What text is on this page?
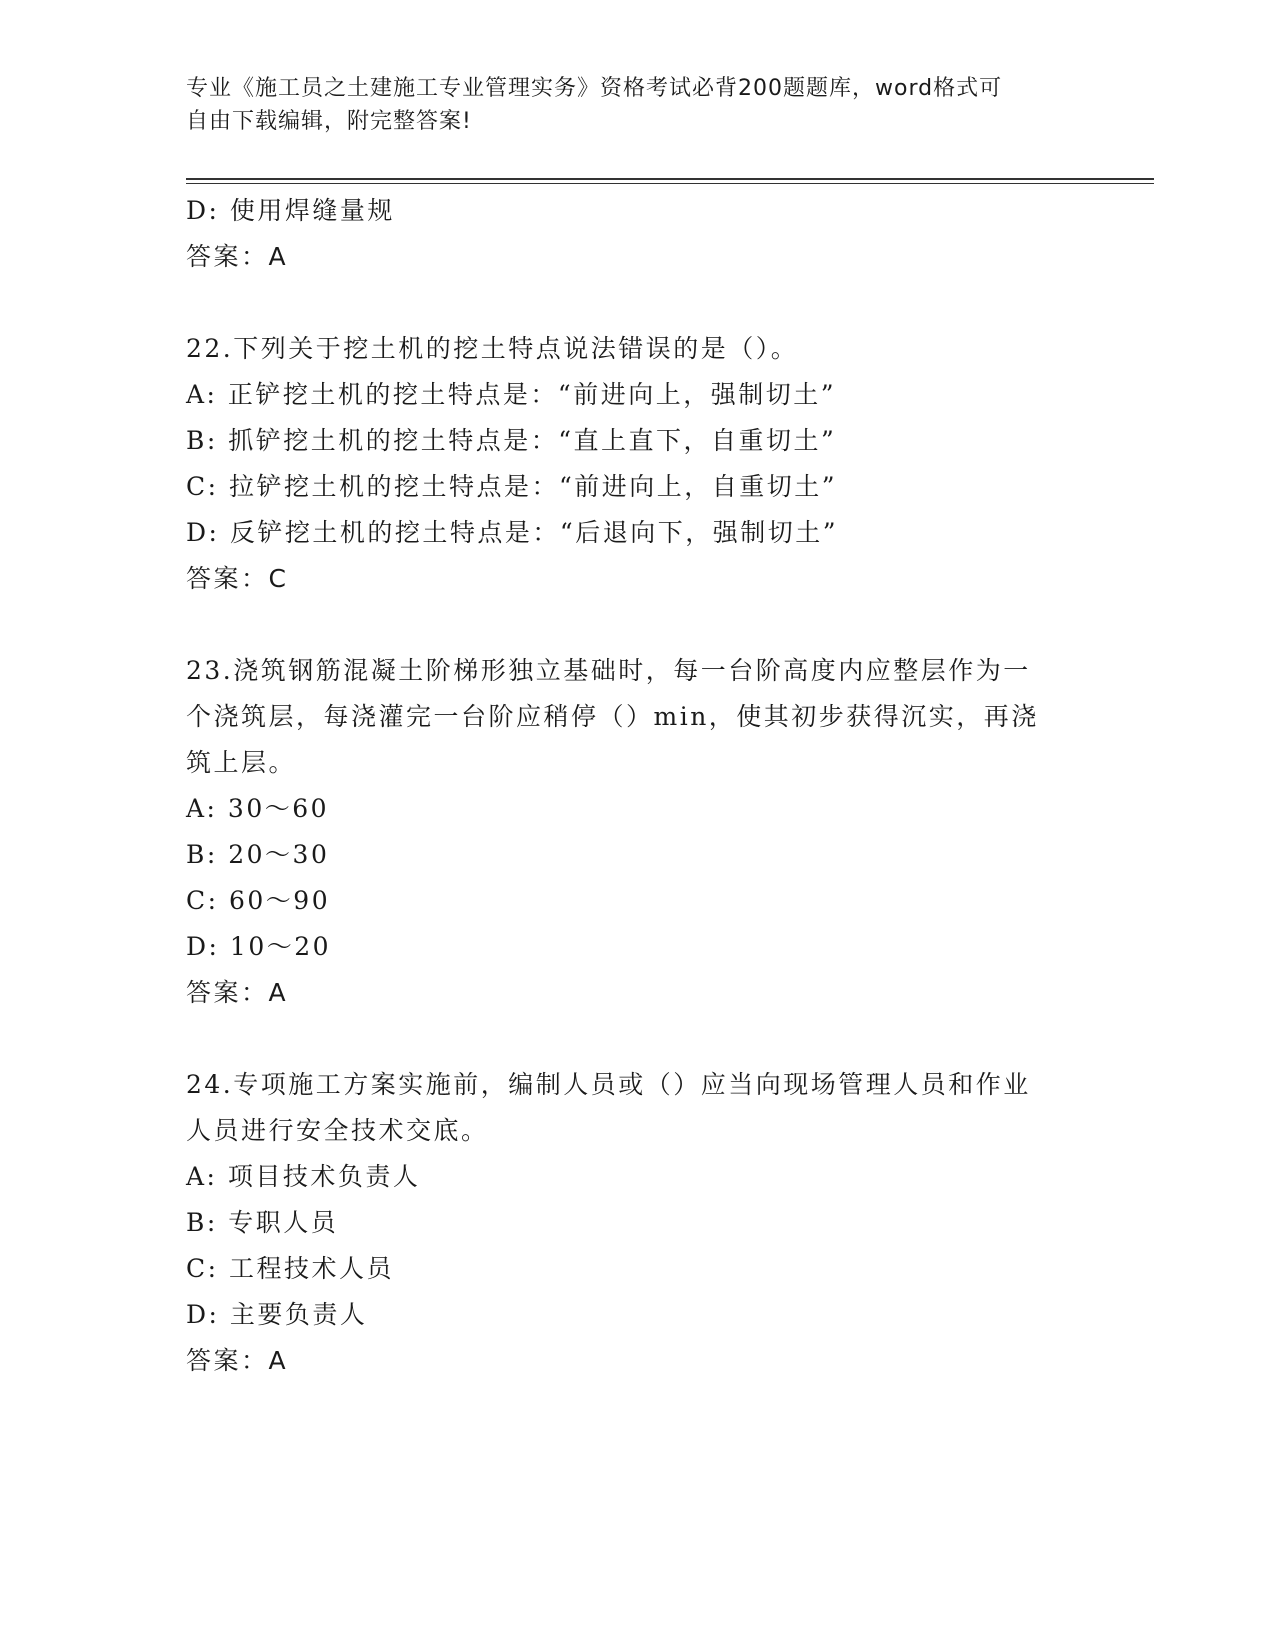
专业《施工员之土建施工专业管理实务》资格考试必背200题题库，word格式可
自由下载编辑，附完整答案!
D: 使用焊缝量规
答案：A
22.下列关于挖土机的挖土特点说法错误的是（）。
A: 正铲挖土机的挖土特点是：“前进向上，强制切土”
B: 抓铲挖土机的挖土特点是：“直上直下，自重切土”
C: 拉铲挖土机的挖土特点是：“前进向上，自重切土”
D: 反铲挖土机的挖土特点是：“后退向下，强制切土”
答案：C
23.浇筑钢筋混凝土阶梯形独立基础时，每一台阶高度内应整层作为一
个浇筑层，每浇灌完一台阶应稍停（）min，使其初步获得沉实，再浇
筑上层。
A: 30～60
B: 20～30
C: 60～90
D: 10～20
答案：A
24.专项施工方案实施前，编制人员或（）应当向现场管理人员和作业
人员进行安全技术交底。
A: 项目技术负责人
B: 专职人员
C: 工程技术人员
D: 主要负责人
答案：A
